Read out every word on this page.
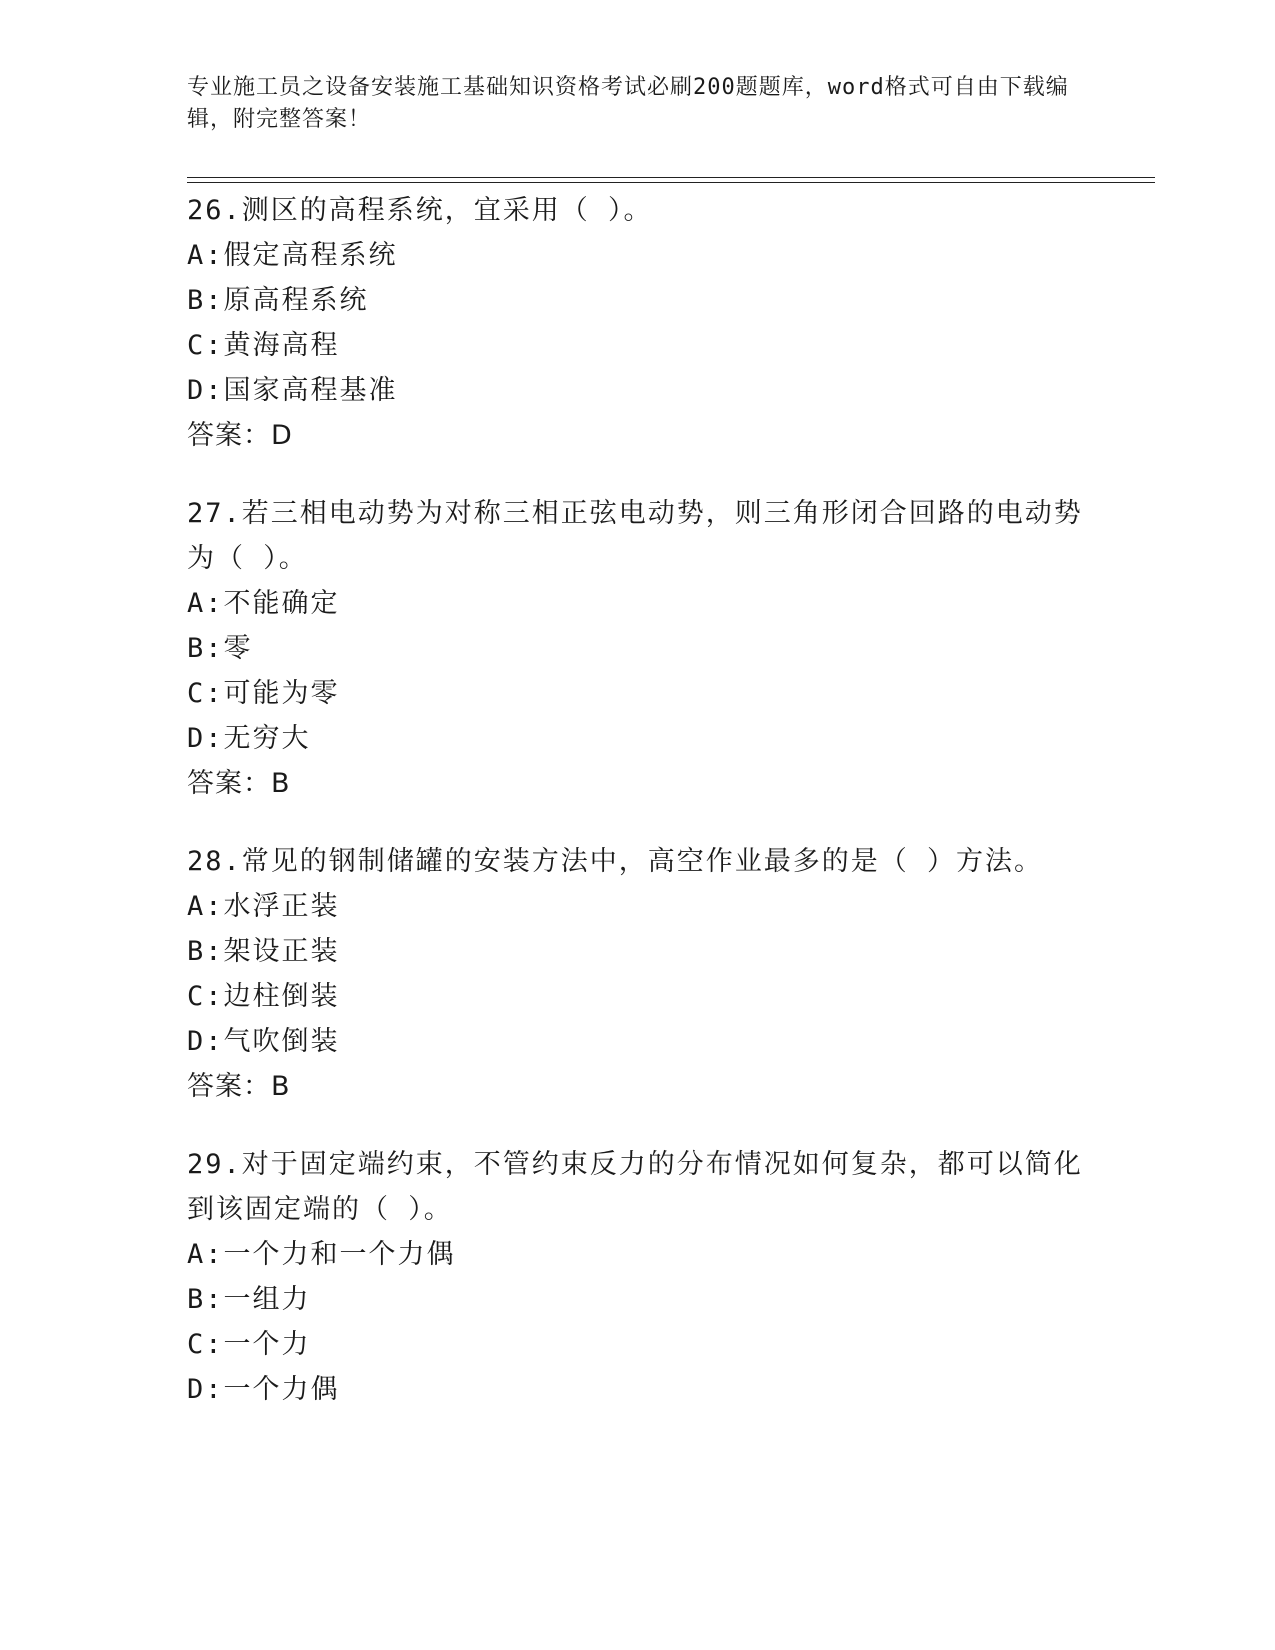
专业施工员之设备安装施工基础知识资格考试必刷200题题库，word格式可自由下载编辑，附完整答案！
26.测区的高程系统，宜采用（ ）。
A:假定高程系统
B:原高程系统
C:黄海高程
D:国家高程基准
答案：D
27.若三相电动势为对称三相正弦电动势，则三角形闭合回路的电动势为（ ）。
A:不能确定
B:零
C:可能为零
D:无穷大
答案：B
28.常见的钢制储罐的安装方法中，高空作业最多的是（ ）方法。
A:水浮正装
B:架设正装
C:边柱倒装
D:气吹倒装
答案：B
29.对于固定端约束，不管约束反力的分布情况如何复杂，都可以简化到该固定端的（ ）。
A:一个力和一个力偶
B:一组力
C:一个力
D:一个力偶
